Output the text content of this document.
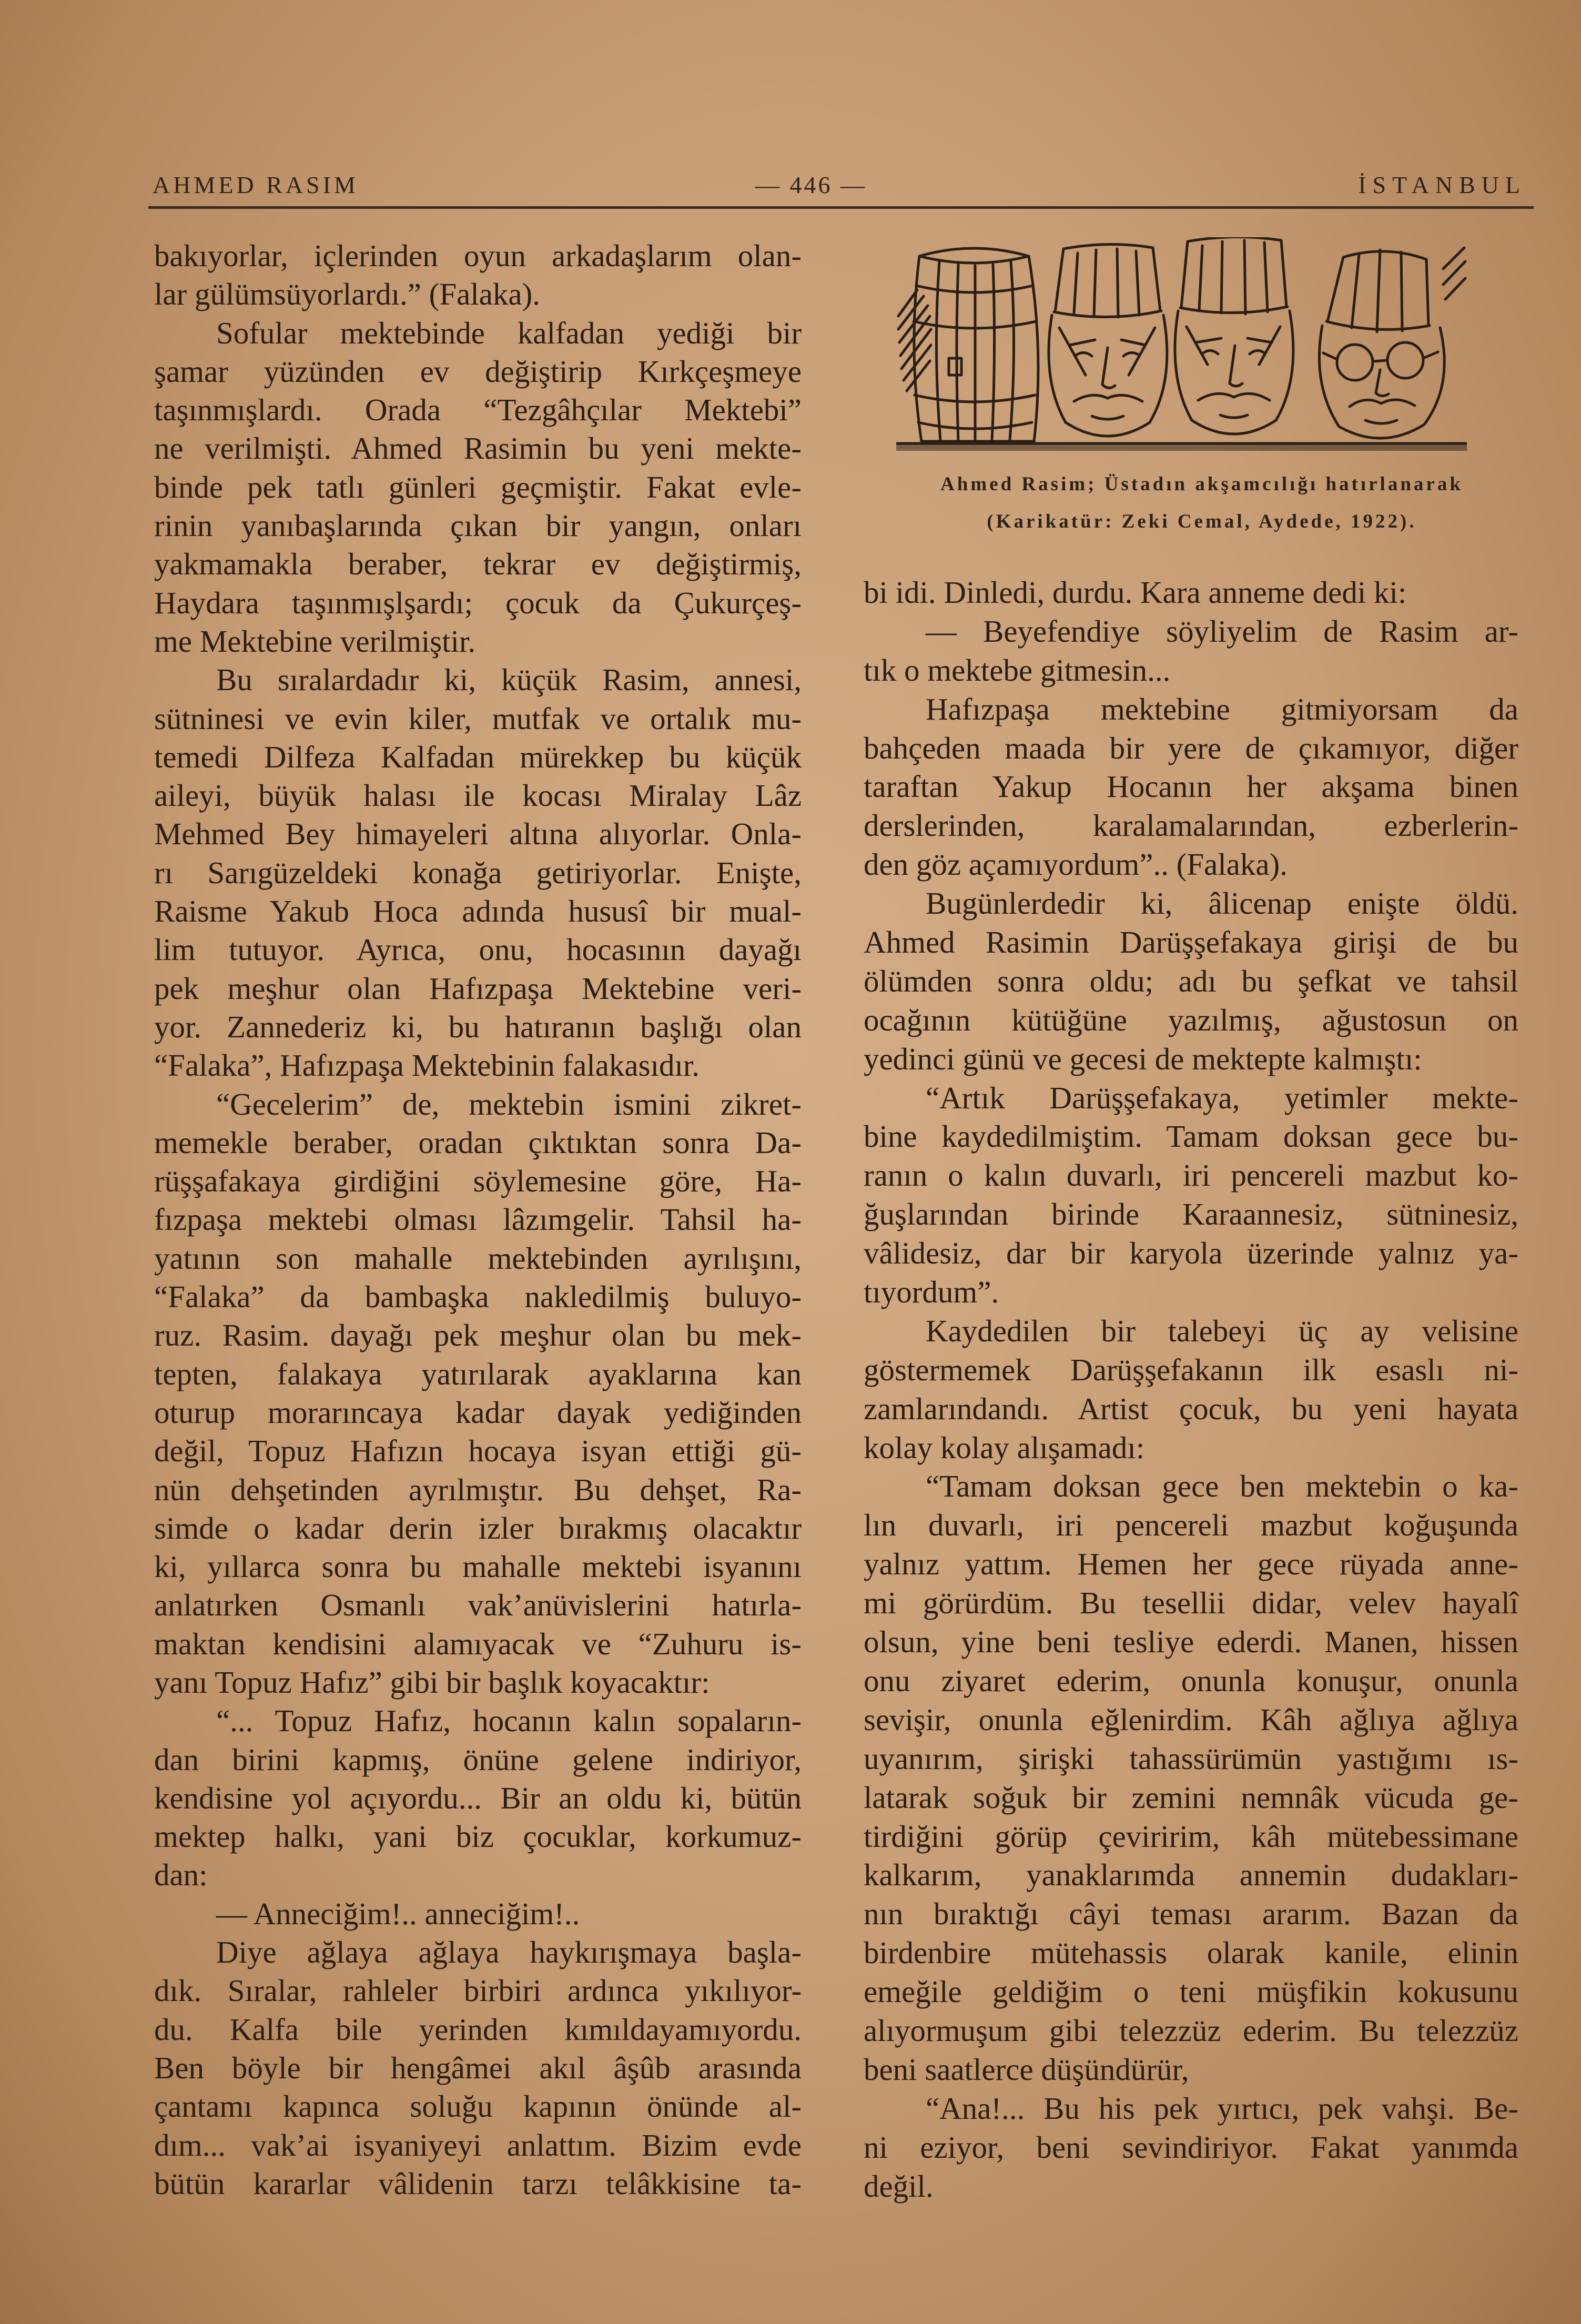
AHMED RASIM	— 446 —	İSTANBUL
bakıyorlar, içlerinden oyun arkadaşlarım olan-
lar gülümsüyorlardı.” (Falaka).
Sofular mektebinde kalfadan yediği bir
şamar yüzünden ev değiştirip Kırkçeşmeye
taşınmışlardı. Orada “Tezgâhçılar Mektebi”
ne verilmişti. Ahmed Rasimin bu yeni mekte-
binde pek tatlı günleri geçmiştir. Fakat evle-
rinin yanıbaşlarında çıkan bir yangın, onları
yakmamakla beraber, tekrar ev değiştirmiş,
Haydara taşınmışlşardı; çocuk da Çukurçeş-
me Mektebine verilmiştir.
Bu sıralardadır ki, küçük Rasim, annesi,
sütninesi ve evin kiler, mutfak ve ortalık mu-
temedi Dilfeza Kalfadan mürekkep bu küçük
aileyi, büyük halası ile kocası Miralay Lâz
Mehmed Bey himayeleri altına alıyorlar. Onla-
rı Sarıgüzeldeki konağa getiriyorlar. Enişte,
Raisme Yakub Hoca adında hususî bir mual-
lim tutuyor. Ayrıca, onu, hocasının dayağı
pek meşhur olan Hafızpaşa Mektebine veri-
yor. Zannederiz ki, bu hatıranın başlığı olan
“Falaka”, Hafızpaşa Mektebinin falakasıdır.
“Gecelerim” de, mektebin ismini zikret-
memekle beraber, oradan çıktıktan sonra Da-
rüşşafakaya girdiğini söylemesine göre, Ha-
fızpaşa mektebi olması lâzımgelir. Tahsil ha-
yatının son mahalle mektebinden ayrılışını,
“Falaka” da bambaşka nakledilmiş buluyo-
ruz. Rasim. dayağı pek meşhur olan bu mek-
tepten, falakaya yatırılarak ayaklarına kan
oturup morarıncaya kadar dayak yediğinden
değil, Topuz Hafızın hocaya isyan ettiği gü-
nün dehşetinden ayrılmıştır. Bu dehşet, Ra-
simde o kadar derin izler bırakmış olacaktır
ki, yıllarca sonra bu mahalle mektebi isyanını
anlatırken Osmanlı vak’anüvislerini hatırla-
maktan kendisini alamıyacak ve “Zuhuru is-
yanı Topuz Hafız” gibi bir başlık koyacaktır:
“... Topuz Hafız, hocanın kalın sopaların-
dan birini kapmış, önüne gelene indiriyor,
kendisine yol açıyordu... Bir an oldu ki, bütün
mektep halkı, yani biz çocuklar, korkumuz-
dan:
— Anneciğim!.. anneciğim!..
Diye ağlaya ağlaya haykırışmaya başla-
dık. Sıralar, rahleler birbiri ardınca yıkılıyor-
du. Kalfa bile yerinden kımıldayamıyordu.
Ben böyle bir hengâmei akıl âşûb arasında
çantamı kapınca soluğu kapının önünde al-
dım... vak’ai isyaniyeyi anlattım. Bizim evde
bütün kararlar vâlidenin tarzı telâkkisine ta-
Ahmed Rasim; Üstadın akşamcılığı hatırlanarak
(Karikatür: Zeki Cemal, Aydede, 1922).
bi idi. Dinledi, durdu. Kara anneme dedi ki:
— Beyefendiye söyliyelim de Rasim ar-
tık o mektebe gitmesin...
Hafızpaşa mektebine gitmiyorsam da
bahçeden maada bir yere de çıkamıyor, diğer
taraftan Yakup Hocanın her akşama binen
derslerinden, karalamalarından, ezberlerin-
den göz açamıyordum”.. (Falaka).
Bugünlerdedir ki, âlicenap enişte öldü.
Ahmed Rasimin Darüşşefakaya girişi de bu
ölümden sonra oldu; adı bu şefkat ve tahsil
ocağının kütüğüne yazılmış, ağustosun on
yedinci günü ve gecesi de mektepte kalmıştı:
“Artık Darüşşefakaya, yetimler mekte-
bine kaydedilmiştim. Tamam doksan gece bu-
ranın o kalın duvarlı, iri pencereli mazbut ko-
ğuşlarından birinde Karaannesiz, sütninesiz,
vâlidesiz, dar bir karyola üzerinde yalnız ya-
tıyordum”.
Kaydedilen bir talebeyi üç ay velisine
göstermemek Darüşşefakanın ilk esaslı ni-
zamlarındandı. Artist çocuk, bu yeni hayata
kolay kolay alışamadı:
“Tamam doksan gece ben mektebin o ka-
lın duvarlı, iri pencereli mazbut koğuşunda
yalnız yattım. Hemen her gece rüyada anne-
mi görürdüm. Bu tesellii didar, velev hayalî
olsun, yine beni tesliye ederdi. Manen, hissen
onu ziyaret ederim, onunla konuşur, onunla
sevişir, onunla eğlenirdim. Kâh ağlıya ağlıya
uyanırım, şirişki tahassürümün yastığımı ıs-
latarak soğuk bir zemini nemnâk vücuda ge-
tirdiğini görüp çeviririm, kâh mütebessimane
kalkarım, yanaklarımda annemin dudakları-
nın bıraktığı câyi teması ararım. Bazan da
birdenbire mütehassis olarak kanile, elinin
emeğile geldiğim o teni müşfikin kokusunu
alıyormuşum gibi telezzüz ederim. Bu telezzüz
beni saatlerce düşündürür,
“Ana!... Bu his pek yırtıcı, pek vahşi. Be-
ni eziyor, beni sevindiriyor. Fakat yanımda
değil.
